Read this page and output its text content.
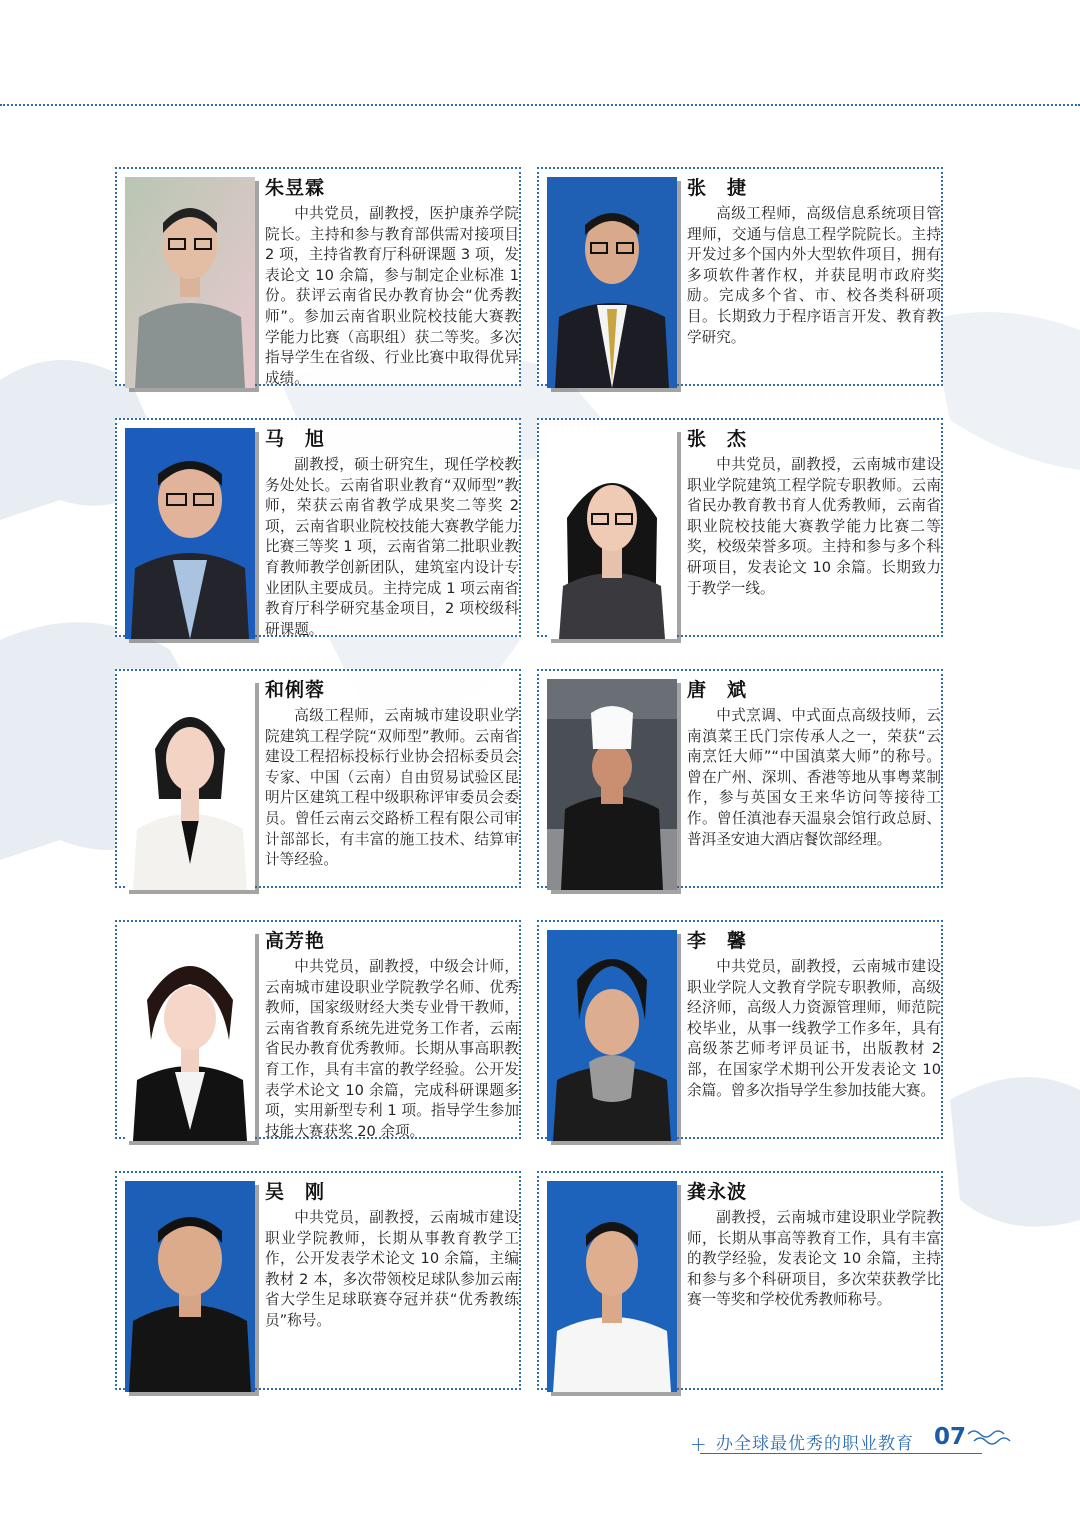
朱昱霖

中共党员，副教授，医护康养学院院长。主持和参与教育部供需对接项目 2 项，主持省教育厅科研课题 3 项，发表论文 10 余篇，参与制定企业标准 1 份。获评云南省民办教育协会“优秀教师”。参加云南省职业院校技能大赛教学能力比赛（高职组）获二等奖。多次指导学生在省级、行业比赛中取得优异成绩。

张　捷

高级工程师，高级信息系统项目管理师，交通与信息工程学院院长。主持开发过多个国内外大型软件项目，拥有多项软件著作权，并获昆明市政府奖励。完成多个省、市、校各类科研项目。长期致力于程序语言开发、教育教学研究。

马　旭

副教授，硕士研究生，现任学校教务处处长。云南省职业教育“双师型”教师，荣获云南省教学成果奖二等奖 2 项，云南省职业院校技能大赛教学能力比赛三等奖 1 项，云南省第二批职业教育教师教学创新团队，建筑室内设计专业团队主要成员。主持完成 1 项云南省教育厅科学研究基金项目，2 项校级科研课题。

张　杰

中共党员，副教授，云南城市建设职业学院建筑工程学院专职教师。云南省民办教育教书育人优秀教师，云南省职业院校技能大赛教学能力比赛二等奖，校级荣誉多项。主持和参与多个科研项目，发表论文 10 余篇。长期致力于教学一线。

和俐蓉

高级工程师，云南城市建设职业学院建筑工程学院“双师型”教师。云南省建设工程招标投标行业协会招标委员会专家、中国（云南）自由贸易试验区昆明片区建筑工程中级职称评审委员会委员。曾任云南云交路桥工程有限公司审计部部长，有丰富的施工技术、结算审计等经验。

唐　斌

中式烹调、中式面点高级技师，云南滇菜王氏门宗传承人之一，荣获“云南烹饪大师”“中国滇菜大师”的称号。曾在广州、深圳、香港等地从事粤菜制作，参与英国女王来华访问等接待工作。曾任滇池春天温泉会馆行政总厨、普洱圣安迪大酒店餐饮部经理。

高芳艳

中共党员，副教授，中级会计师，云南城市建设职业学院教学名师、优秀教师，国家级财经大类专业骨干教师，云南省教育系统先进党务工作者，云南省民办教育优秀教师。长期从事高职教育工作，具有丰富的教学经验。公开发表学术论文 10 余篇，完成科研课题多项，实用新型专利 1 项。指导学生参加技能大赛获奖 20 余项。

李　馨

中共党员，副教授，云南城市建设职业学院人文教育学院专职教师，高级经济师，高级人力资源管理师，师范院校毕业，从事一线教学工作多年，具有高级茶艺师考评员证书，出版教材 2 部，在国家学术期刊公开发表论文 10 余篇。曾多次指导学生参加技能大赛。

吴　刚

中共党员，副教授，云南城市建设职业学院教师，长期从事教育教学工作，公开发表学术论文 10 余篇，主编教材 2 本，多次带领校足球队参加云南省大学生足球联赛夺冠并获“优秀教练员”称号。

龚永波

副教授，云南城市建设职业学院教师，长期从事高等教育工作，具有丰富的教学经验，发表论文 10 余篇，主持和参与多个科研项目，多次荣获教学比赛一等奖和学校优秀教师称号。

+ 办全球最优秀的职业教育 07
